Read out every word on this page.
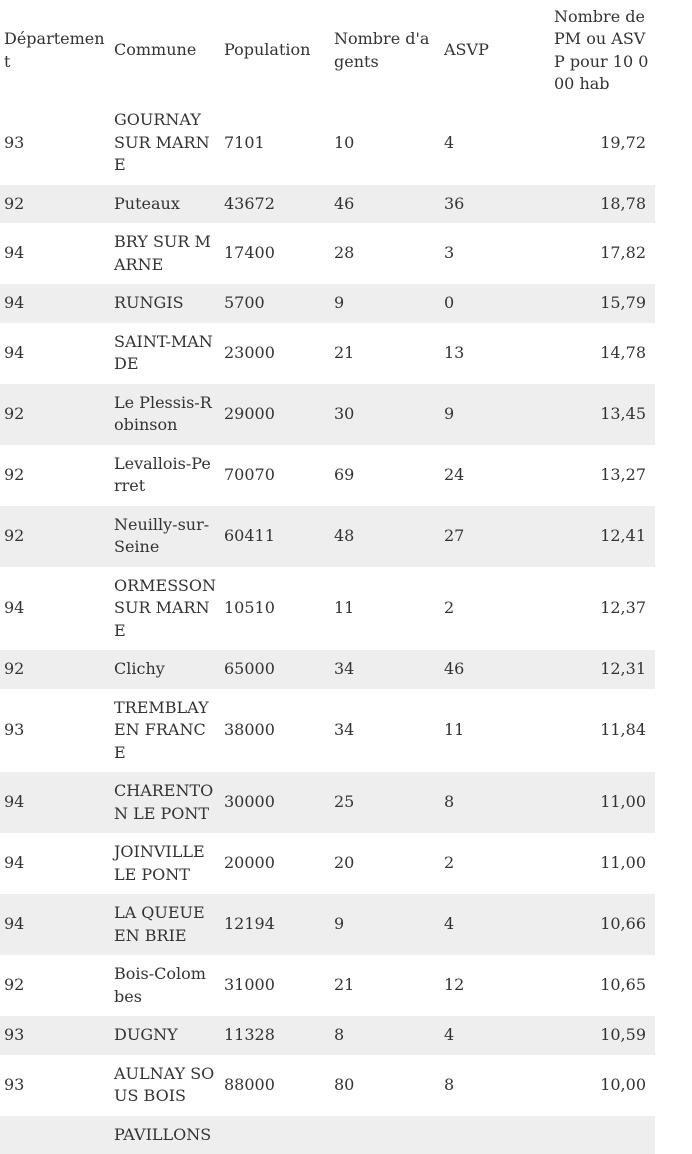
Département	Commune	Population	Nombre d'agents	ASVP	Nombre de PM ou ASVP pour 10 000 hab
93	GOURNAY SUR MARNE	7101	10	4	19,72
92	Puteaux	43672	46	36	18,78
94	BRY SUR MARNE	17400	28	3	17,82
94	RUNGIS	5700	9	0	15,79
94	SAINT-MANDE	23000	21	13	14,78
92	Le Plessis-Robinson	29000	30	9	13,45
92	Levallois-Perret	70070	69	24	13,27
92	Neuilly-sur-Seine	60411	48	27	12,41
94	ORMESSON SUR MARNE	10510	11	2	12,37
92	Clichy	65000	34	46	12,31
93	TREMBLAY EN FRANCE	38000	34	11	11,84
94	CHARENTON LE PONT	30000	25	8	11,00
94	JOINVILLE LE PONT	20000	20	2	11,00
94	LA QUEUE EN BRIE	12194	9	4	10,66
92	Bois-Colombes	31000	21	12	10,65
93	DUGNY	11328	8	4	10,59
93	AULNAY SOUS BOIS	88000	80	8	10,00
	PAVILLONS				
